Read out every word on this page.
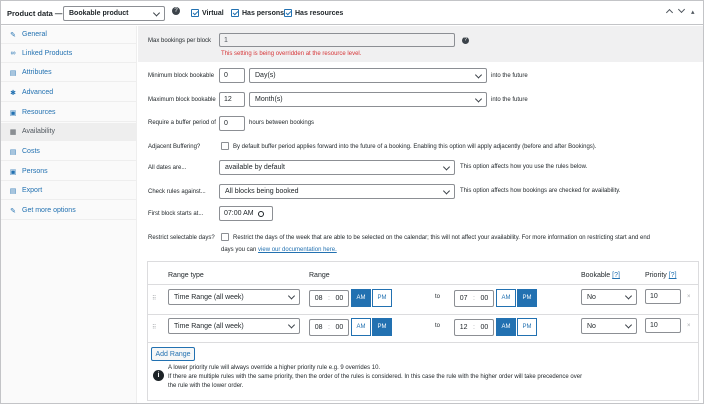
Product data — Bookable product	?	Virtual	Has persons Has resources	▴
✎ General
∞ Linked Products
▤ Attributes
✱ Advanced
▣ Resources
▦ Availability
▤ Costs
▣ Persons
▤ Export
✎ Get more options
Max bookings per block 1	?
This setting is being overridden at the resource level.
Minimum block bookable 0	Day(s)	into the future
Maximum block bookable 12	Month(s)	into the future
Require a buffer period of 0	hours between bookings
Adjacent Buffering?	By default buffer period applies forward into the future of a booking. Enabling this option will apply adjacently (before and after Bookings).
All dates are...	available by default	This option affects how you use the rules below.
Check rules against...	All blocks being booked	This option affects how bookings are checked for availability.
First block starts at...	07:00 AM
Restrict selectable days?	Restrict the days of the week that are able to be selected on the calendar; this will not affect your availability. For more information on restricting start and end
days you can view our documentation here.
Range type	Range	Bookable [?]	Priority [?]
⠿	Time Range (all week)	08 : 00	AM	PM	to	07 : 00	AM	PM	No	10	×
⠿	Time Range (all week)	08 : 00	AM	PM	to	12 : 00	AM	PM	No	10	×
Add Range
i
A lower priority rule will always override a higher priority rule e.g. 9 overrides 10.
If there are multiple rules with the same priority, then the order of the rules is considered. In this case the rule with the higher order will take precedence over
the rule with the lower order.
